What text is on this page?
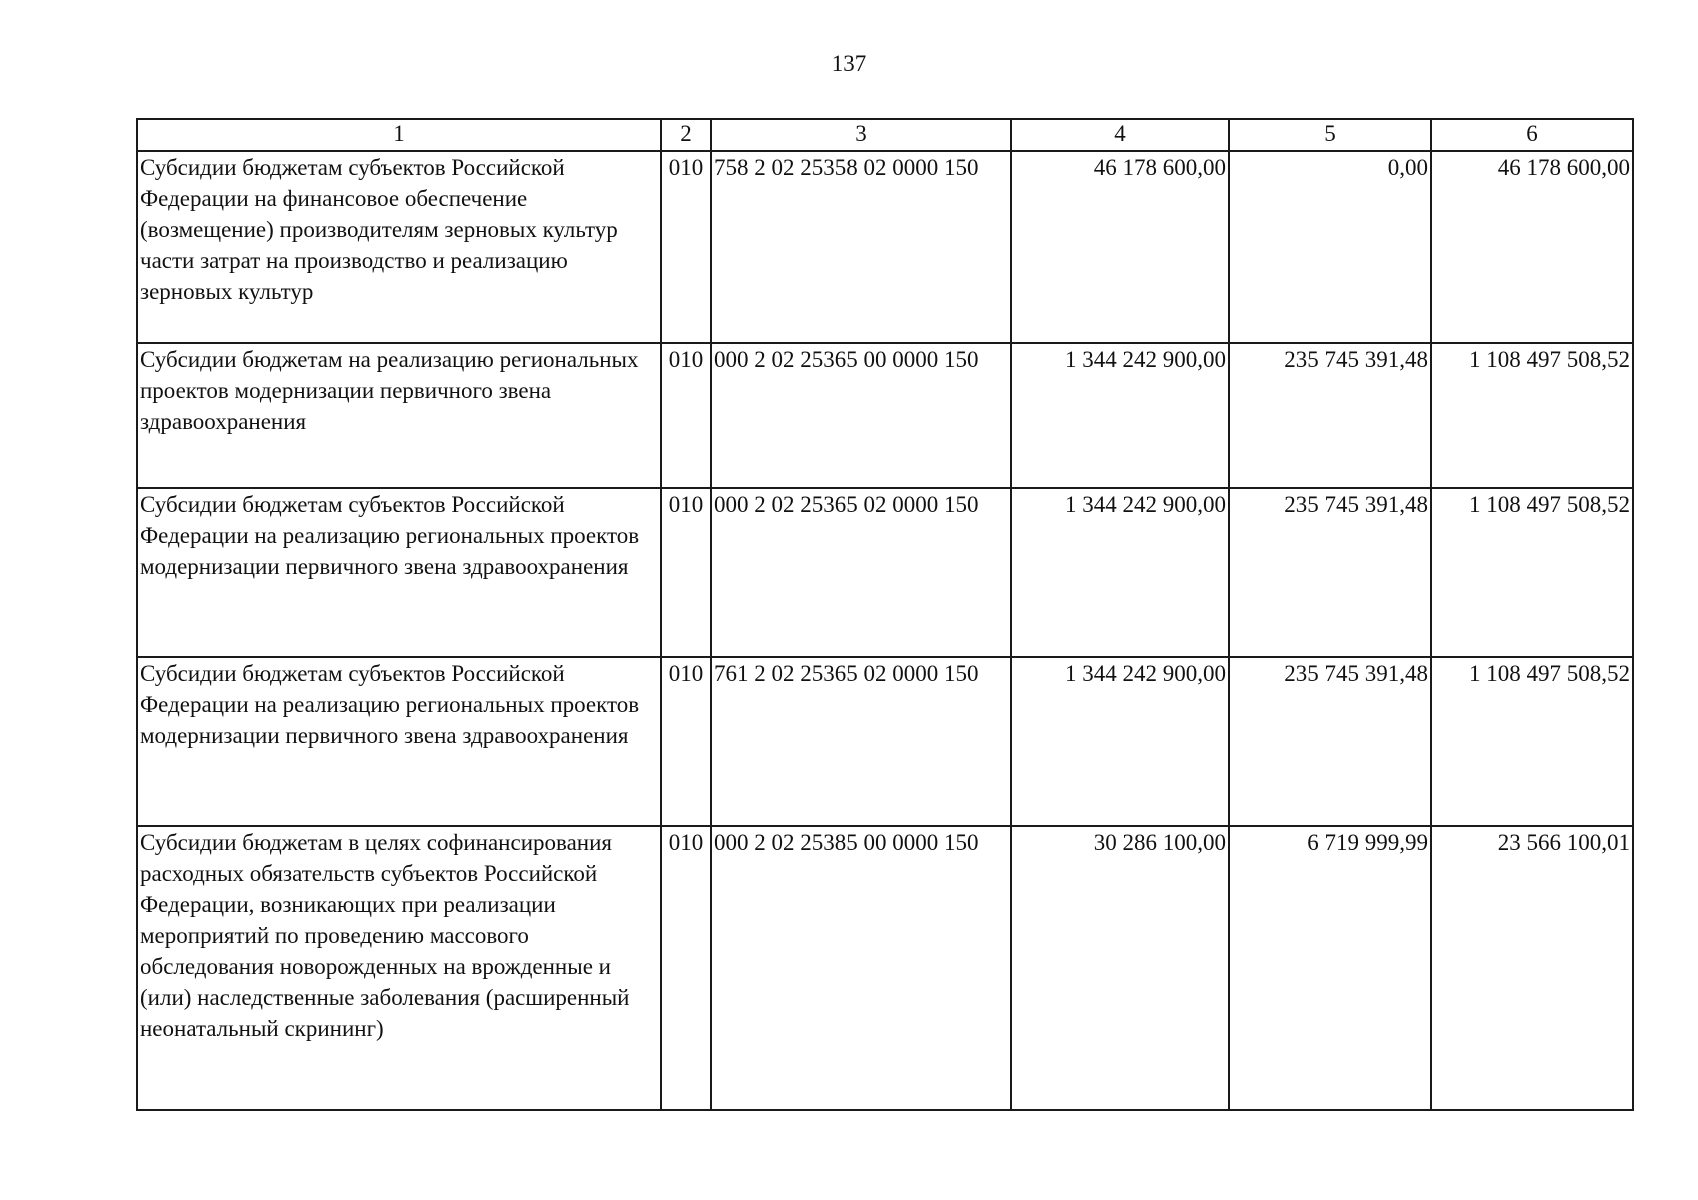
137
1	2	3	4	5	6
Субсидии бюджетам субъектов Российской Федерации на финансовое обеспечение (возмещение) производителям зерновых культур части затрат на производство и реализацию зерновых культур	010	758 2 02 25358 02 0000 150	46 178 600,00	0,00	46 178 600,00
Субсидии бюджетам на реализацию региональных проектов модернизации первичного звена здравоохранения	010	000 2 02 25365 00 0000 150	1 344 242 900,00	235 745 391,48	1 108 497 508,52
Субсидии бюджетам субъектов Российской Федерации на реализацию региональных проектов модернизации первичного звена здравоохранения	010	000 2 02 25365 02 0000 150	1 344 242 900,00	235 745 391,48	1 108 497 508,52
Субсидии бюджетам субъектов Российской Федерации на реализацию региональных проектов модернизации первичного звена здравоохранения	010	761 2 02 25365 02 0000 150	1 344 242 900,00	235 745 391,48	1 108 497 508,52
Субсидии бюджетам в целях софинансирования расходных обязательств субъектов Российской Федерации, возникающих при реализации мероприятий по проведению массового обследования новорожденных на врожденные и (или) наследственные заболевания (расширенный неонатальный скрининг)	010	000 2 02 25385 00 0000 150	30 286 100,00	6 719 999,99	23 566 100,01
